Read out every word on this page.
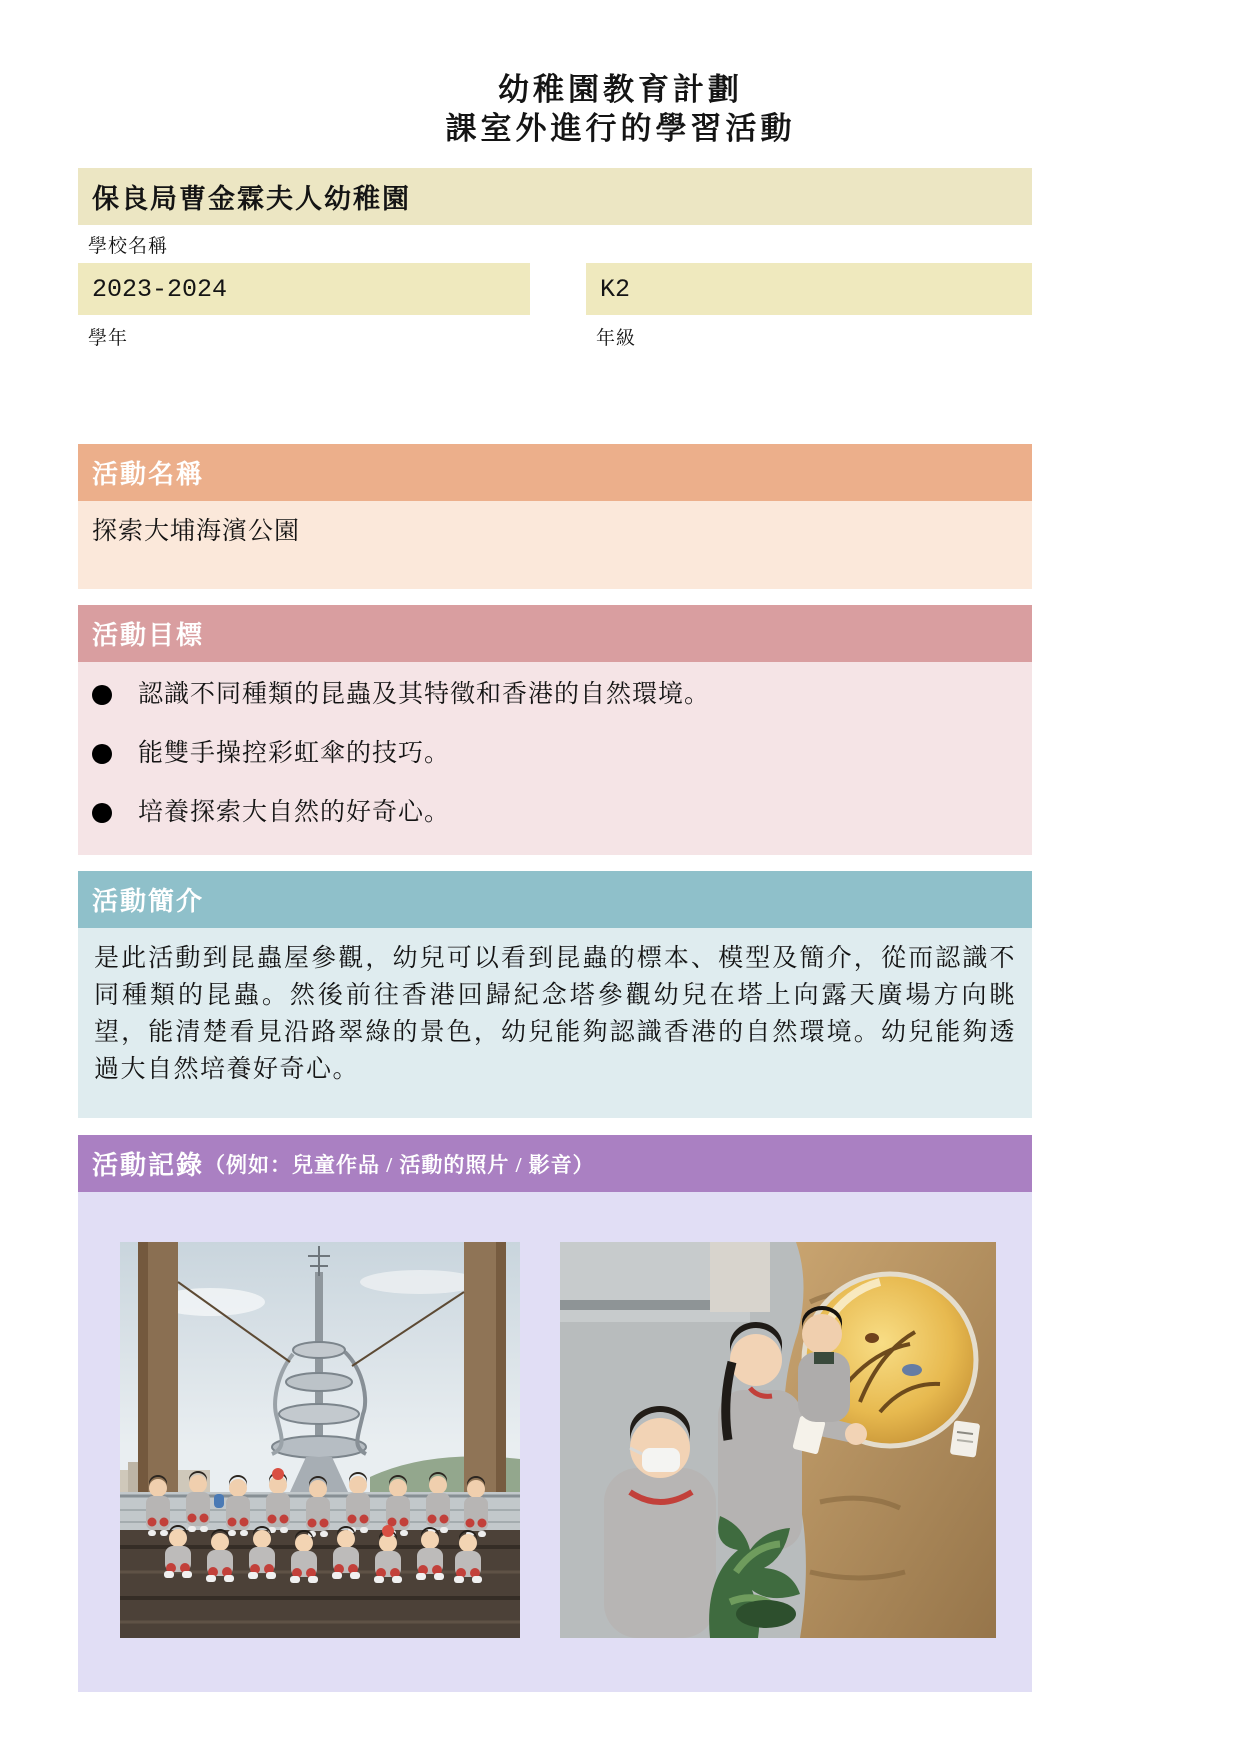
幼稚園教育計劃
課室外進行的學習活動
保良局曹金霖夫人幼稚園
學校名稱
2023-2024	K2
學年	年級
活動名稱
探索大埔海濱公園
活動目標
認識不同種類的昆蟲及其特徵和香港的自然環境。
能雙手操控彩虹傘的技巧。
培養探索大自然的好奇心。
活動簡介
是此活動到昆蟲屋參觀，幼兒可以看到昆蟲的標本、模型及簡介，從而認識不同種類的昆蟲。然後前往香港回歸紀念塔參觀幼兒在塔上向露天廣場方向眺望，能清楚看見沿路翠綠的景色，幼兒能夠認識香港的自然環境。幼兒能夠透過大自然培養好奇心。
活動記錄 （例如：兒童作品 / 活動的照片 / 影音）
